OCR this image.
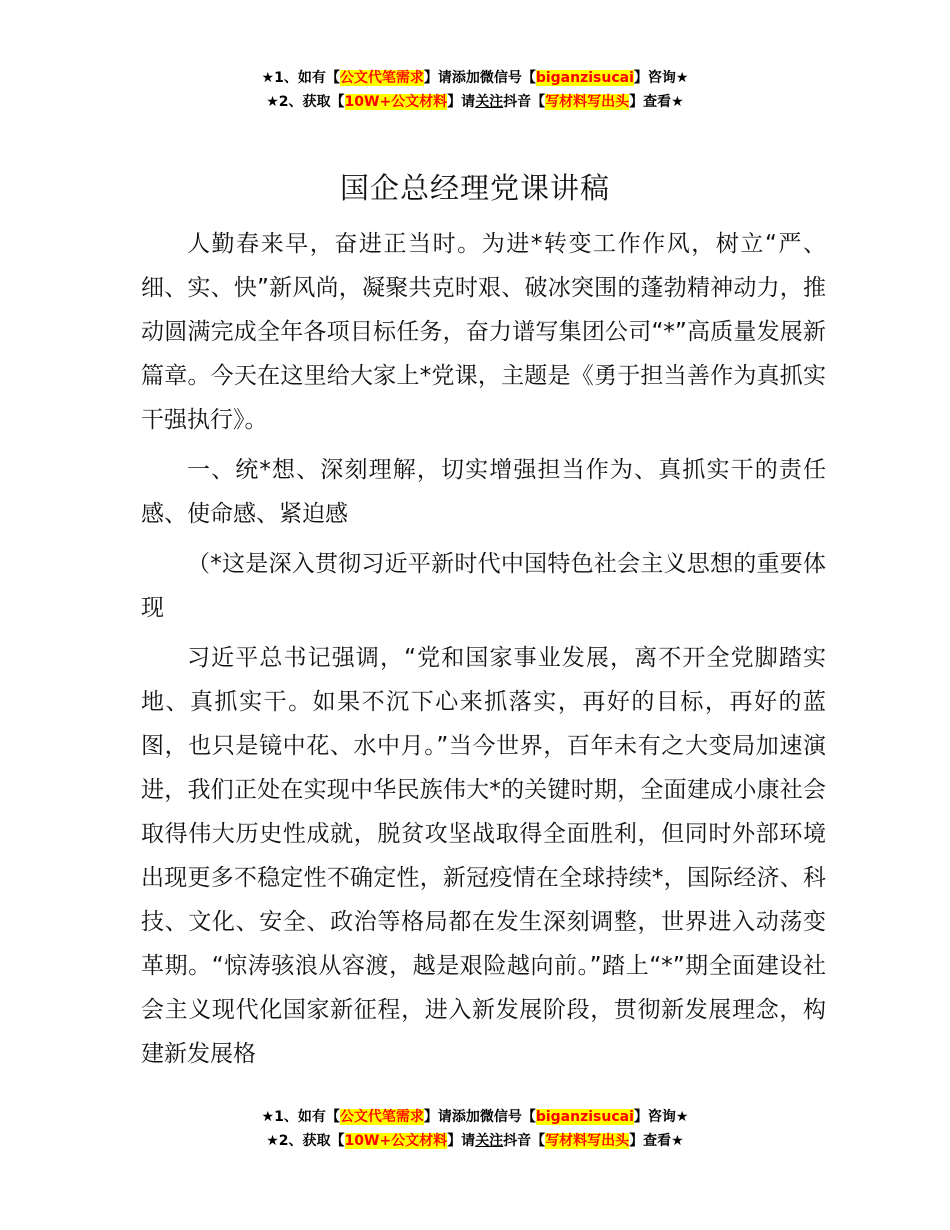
★1、如有【公文代笔需求】请添加微信号【biganzisucai】咨询★
★2、获取【10W+公文材料】请关注抖音【写材料写出头】查看★
国企总经理党课讲稿

人勤春来早，奋进正当时。为进*转变工作作风，树立“严、细、实、快”新风尚，凝聚共克时艰、破冰突围的蓬勃精神动力，推动圆满完成全年各项目标任务，奋力谱写集团公司“*”高质量发展新篇章。今天在这里给大家上*党课，主题是《勇于担当善作为真抓实干强执行》。

一、统*想、深刻理解，切实增强担当作为、真抓实干的责任感、使命感、紧迫感

（*这是深入贯彻习近平新时代中国特色社会主义思想的重要体现

习近平总书记强调，“党和国家事业发展，离不开全党脚踏实地、真抓实干。如果不沉下心来抓落实，再好的目标，再好的蓝图，也只是镜中花、水中月。”当今世界，百年未有之大变局加速演进，我们正处在实现中华民族伟大*的关键时期，全面建成小康社会取得伟大历史性成就，脱贫攻坚战取得全面胜利，但同时外部环境出现更多不稳定性不确定性，新冠疫情在全球持续*，国际经济、科技、文化、安全、政治等格局都在发生深刻调整，世界进入动荡变革期。“惊涛骇浪从容渡，越是艰险越向前。”踏上“*”期全面建设社会主义现代化国家新征程，进入新发展阶段，贯彻新发展理念，构建新发展格

★1、如有【公文代笔需求】请添加微信号【biganzisucai】咨询★
★2、获取【10W+公文材料】请关注抖音【写材料写出头】查看★
